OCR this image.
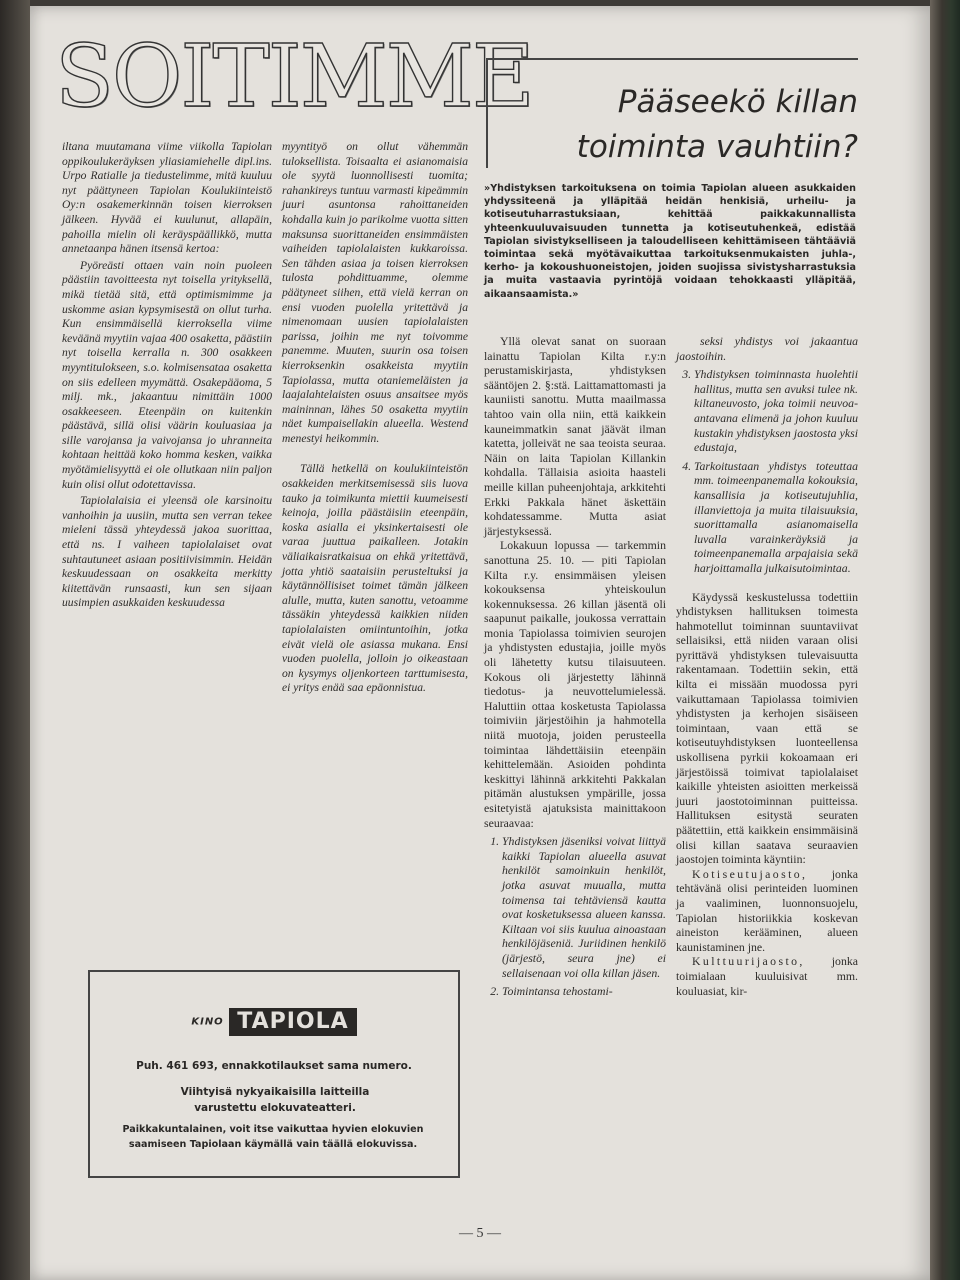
SOITIMME

iltana muutamana viime viikolla Tapiolan oppikoulukeräyksen yliasiamiehelle dipl.ins. Urpo Ratialle ja tiedustelimme, mitä kuuluu nyt päättyneen Tapiolan Koulukiinteistö Oy:n osakemerkinnän toisen kierroksen jälkeen. Hyvää ei kuulunut, allapäin, pahoilla mielin oli keräyspäällikkö, mutta annetaanpa hänen itsensä kertoa:

Pyöreästi ottaen vain noin puoleen päästiin tavoitteesta nyt toisella yrityksellä, mikä tietää sitä, että optimismimme ja uskomme asian kypsymisestä on ollut turha. Kun ensimmäisellä kierroksella viime keväänä myytiin vajaa 400 osaketta, päästiin nyt toisella kerralla n. 300 osakkeen myyntitulokseen, s.o. kolmisensataa osaketta on siis edelleen myymättä. Osakepääoma, 5 milj. mk., jakaantuu nimittäin 1000 osakkeeseen. Eteenpäin on kuitenkin päästävä, sillä olisi väärin kouluasiaa ja sille varojansa ja vaivojansa jo uhranneita kohtaan heittää koko homma kesken, vaikka myötämielisyyttä ei ole ollutkaan niin paljon kuin olisi ollut odotettavissa.

Tapiolalaisia ei yleensä ole karsinoitu vanhoihin ja uusiin, mutta sen verran tekee mieleni tässä yhteydessä jakoa suorittaa, että ns. I vaiheen tapiolalaiset ovat suhtautuneet asiaan positiivisimmin. Heidän keskuudessaan on osakkeita merkitty kiitettävän runsaasti, kun sen sijaan uusimpien asukkaiden keskuudessa

myyntityö on ollut vähemmän tuloksellista. Toisaalta ei asianomaisia ole syytä luonnollisesti tuomita; rahankireys tuntuu varmasti kipeämmin juuri asuntonsa rahoittaneiden kohdalla kuin jo parikolme vuotta sitten maksunsa suorittaneiden ensimmäisten vaiheiden tapiolalaisten kukkaroissa. Sen tähden asiaa ja toisen kierroksen tulosta pohdittuamme, olemme päätyneet siihen, että vielä kerran on ensi vuoden puolella yritettävä ja nimenomaan uusien tapiolalaisten parissa, joihin me nyt toivomme panemme. Muuten, suurin osa toisen kierroksenkin osakkeista myytiin Tapiolassa, mutta otaniemeläisten ja laajalahtelaisten osuus ansaitsee myös maininnan, lähes 50 osaketta myytiin näet kumpaisellakin alueella. Westend menestyi heikommin.

Tällä hetkellä on koulukiinteistön osakkeiden merkitsemisessä siis luova tauko ja toimikunta miettii kuumeisesti keinoja, joilla päästäisiin eteenpäin, koska asialla ei yksinkertaisesti ole varaa juuttua paikalleen. Jotakin väliaikaisratkaisua on ehkä yritettävä, jotta yhtiö saataisiin perusteltuksi ja käytännöllisiset toimet tämän jälkeen alulle, mutta, kuten sanottu, vetoamme tässäkin yhteydessä kaikkien niiden tapiolalaisten omiintuntoihin, jotka eivät vielä ole asiassa mukana. Ensi vuoden puolella, jolloin jo oikeastaan on kysymys oljenkorteen tarttumisesta, ei yritys enää saa epäonnistua.

Pääseekö killan
toiminta vauhtiin?
»Yhdistyksen tarkoituksena on toimia Tapiolan alueen asukkaiden yhdyssiteenä ja ylläpitää heidän henkisiä, urheilu- ja kotiseutuharrastuksiaan, kehittää paikkakunnallista yhteenkuuluvaisuuden tunnetta ja kotiseutuhenkeä, edistää Tapiolan sivistykselliseen ja taloudelliseen kehittämiseen tähtääviä toimintaa sekä myötävaikuttaa tarkoituksenmukaisten juhla-, kerho- ja kokoushuoneistojen, joiden suojissa sivistysharrastuksia ja muita vastaavia pyrintöjä voidaan tehokkaasti ylläpitää, aikaansaamista.»

Yllä olevat sanat on suoraan lainattu Tapiolan Kilta r.y:n perustamiskirjasta, yhdistyksen sääntöjen 2. §:stä. Laittamattomasti ja kauniisti sanottu. Mutta maailmassa tahtoo vain olla niin, että kaikkein kauneimmatkin sanat jäävät ilman katetta, jolleivät ne saa teoista seuraa. Näin on laita Tapiolan Killankin kohdalla. Tällaisia asioita haasteli meille killan puheenjohtaja, arkkitehti Erkki Pakkala hänet äskettäin kohdatessamme. Mutta asiat järjestyksessä.

Lokakuun lopussa — tarkemmin sanottuna 25. 10. — piti Tapiolan Kilta r.y. ensimmäisen yleisen kokouksensa yhteiskoulun kokennuksessa. 26 killan jäsentä oli saapunut paikalle, joukossa verrattain monia Tapiolassa toimivien seurojen ja yhdistysten edustajia, joille myös oli lähetetty kutsu tilaisuuteen. Kokous oli järjestetty lähinnä tiedotus- ja neuvottelumielessä. Haluttiin ottaa kosketusta Tapiolassa toimiviin järjestöihin ja hahmotella niitä muotoja, joiden perusteella toimintaa lähdettäisiin eteenpäin kehittelemään. Asioiden pohdinta keskittyi lähinnä arkkitehti Pakkalan pitämän alustuksen ympärille, jossa esitetyistä ajatuksista mainittakoon seuraavaa:

1. Yhdistyksen jäseniksi voivat liittyä kaikki Tapiolan alueella asuvat henkilöt samoinkuin henkilöt, jotka asuvat muualla, mutta toimensa tai tehtäviensä kautta ovat kosketuksessa alueen kanssa. Kiltaan voi siis kuulua ainoastaan henkilöjäseniä. Juriidinen henkilö (järjestö, seura jne) ei sellaisenaan voi olla killan jäsen.
2. Toimintansa tehostami-

seksi yhdistys voi jakaantua jaostoihin.

3. Yhdistyksen toiminnasta huolehtii hallitus, mutta sen avuksi tulee nk. kiltaneuvosto, joka toimii neuvoa-antavana elimenä ja johon kuuluu kustakin yhdistyksen jaostosta yksi edustaja,
4. Tarkoitustaan yhdistys toteuttaa mm. toimeenpanemalla kokouksia, kansallisia ja kotiseutujuhlia, illanviettoja ja muita tilaisuuksia, suorittamalla asianomaisella luvalla varainkeräyksiä ja toimeenpanemalla arpajaisia sekä harjoittamalla julkaisutoimintaa.

Käydyssä keskustelussa todettiin yhdistyksen hallituksen toimesta hahmotellut toiminnan suuntaviivat sellaisiksi, että niiden varaan olisi pyrittävä yhdistyksen tulevaisuutta rakentamaan. Todettiin sekin, että kilta ei missään muodossa pyri vaikuttamaan Tapiolassa toimivien yhdistysten ja kerhojen sisäiseen toimintaan, vaan että se kotiseutuyhdistyksen luonteellensa uskollisena pyrkii kokoamaan eri järjestöissä toimivat tapiolalaiset kaikille yhteisten asioitten merkeissä juuri jaostotoiminnan puitteissa. Hallituksen esitystä seuraten päätettiin, että kaikkein ensimmäisinä olisi killan saatava seuraavien jaostojen toiminta käyntiin:

Kotiseutujaosto, jonka tehtävänä olisi perinteiden luominen ja vaaliminen, luonnonsuojelu, Tapiolan historiikkia koskevan aineiston kerääminen, alueen kaunistaminen jne.

Kulttuurijaosto, jonka toimialaan kuuluisivat mm. kouluasiat, kir-

KINO TAPIOLA
Puh. 461 693, ennakkotilaukset sama numero.
Viihtyisä nykyaikaisilla laitteilla varustettu elokuvateatteri.
Paikkakuntalainen, voit itse vaikuttaa hyvien elokuvien saamiseen Tapiolaan käymällä vain täällä elokuvissa.
— 5 —
